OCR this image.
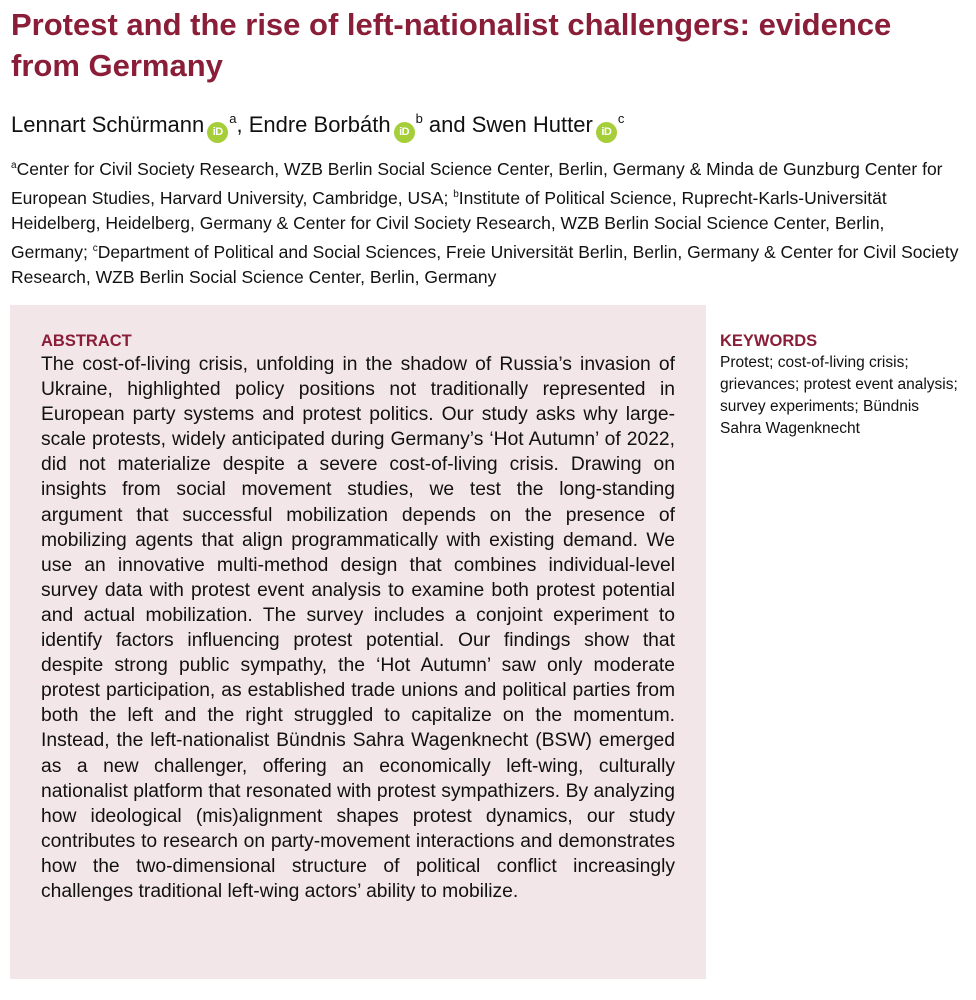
Protest and the rise of left-nationalist challengers: evidence from Germany

Lennart Schürmann $iD^a$, Endre Borbáth $iD^b$ and Swen Hutter $iD^c$

$^a$Center for Civil Society Research, WZB Berlin Social Science Center, Berlin, Germany & Minda de Gunzburg Center for European Studies, Harvard University, Cambridge, USA; $^b$Institute of Political Science, Ruprecht-Karls-Universität Heidelberg, Heidelberg, Germany & Center for Civil Society Research, WZB Berlin Social Science Center, Berlin, Germany; $^c$Department of Political and Social Sciences, Freie Universität Berlin, Berlin, Germany & Center for Civil Society Research, WZB Berlin Social Science Center, Berlin, Germany

ABSTRACT

The cost-of-living crisis, unfolding in the shadow of Russia’s invasion of Ukraine, highlighted policy positions not traditionally represented in European party systems and protest politics. Our study asks why large-scale protests, widely anticipated during Germany’s ‘Hot Autumn’ of 2022, did not materialize despite a severe cost-of-living crisis. Drawing on insights from social movement studies, we test the long-standing argument that successful mobilization depends on the presence of mobilizing agents that align programmatically with existing demand. We use an innovative multi-method design that combines individual-level survey data with protest event analysis to examine both protest potential and actual mobilization. The survey includes a conjoint experiment to identify factors influencing protest potential. Our findings show that despite strong public sympathy, the ‘Hot Autumn’ saw only moderate protest participation, as established trade unions and political parties from both the left and the right struggled to capitalize on the momentum. Instead, the left-nationalist Bündnis Sahra Wagenknecht (BSW) emerged as a new challenger, offering an economically left-wing, culturally nationalist platform that resonated with protest sympathizers. By analyzing how ideological (mis)alignment shapes protest dynamics, our study contributes to research on party-movement interactions and demonstrates how the two-dimensional structure of political conflict increasingly challenges traditional left-wing actors’ ability to mobilize.

KEYWORDS

Protest; cost-of-living crisis; grievances; protest event analysis; survey experiments; Bündnis Sahra Wagenknecht
